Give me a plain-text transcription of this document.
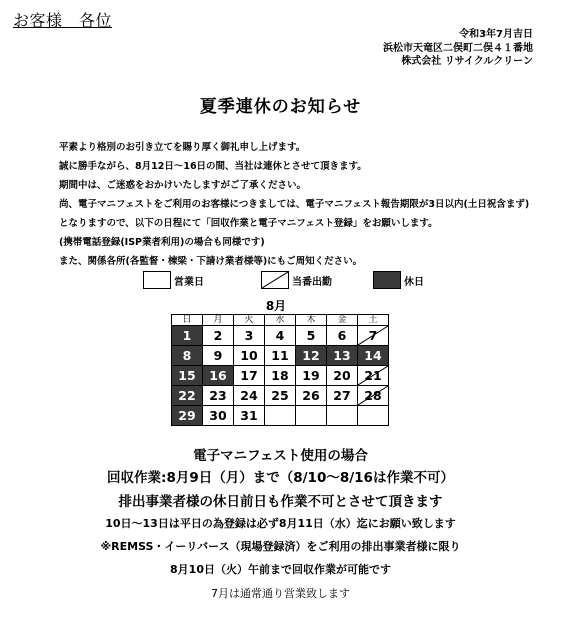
お客様　各位
令和3年7月吉日
浜松市天竜区二俣町二俣４１番地
株式会社 リサイクルクリーン
夏季連休のお知らせ
平素より格別のお引き立てを賜り厚く御礼申し上げます。
誠に勝手ながら、8月12日～16日の間、当社は連休とさせて頂きます。
期間中は、ご迷惑をおかけいたしますがご了承ください。
尚、電子マニフェストをご利用のお客様につきましては、電子マニフェスト報告期限が3日以内(土日祝含まず)
となりますので、以下の日程にて「回収作業と電子マニフェスト登録」をお願いします。
(携帯電話登録(ISP業者利用)の場合も同様です)
また、関係各所(各監督・棟梁・下請け業者様等)にもご周知ください。
営業日	当番出勤	休日
8月
日	月	火	水	木	金	土
1	2	3	4	5	6	7
8	9	10	11	12	13	14
15	16	17	18	19	20	21
22	23	24	25	26	27	28
29	30	31				
電子マニフェスト使用の場合
回収作業:8月9日（月）まで（8/10～8/16は作業不可）
排出事業者様の休日前日も作業不可とさせて頂きます
10日～13日は平日の為登録は必ず8月11日（水）迄にお願い致します
※REMSS・イーリバース（現場登録済）をご利用の排出事業者様に限り
8月10日（火）午前まで回収作業が可能です
7月は通常通り営業致します
